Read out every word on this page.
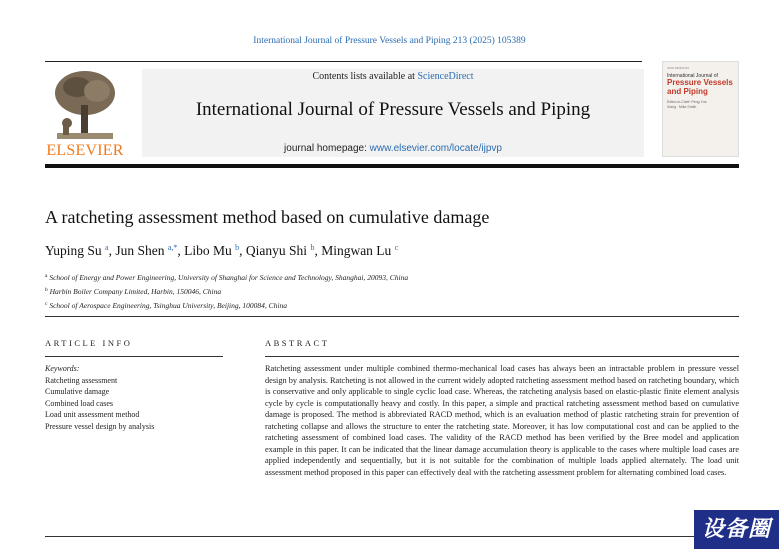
International Journal of Pressure Vessels and Piping 213 (2025) 105389
ELSEVIER
Contents lists available at ScienceDirect
International Journal of Pressure Vessels and Piping
journal homepage: www.elsevier.com/locate/ijpvp
ISSN 0308-0161
International Journal of
Pressure Vessels and Piping
Editor-in-Chief: Peng-Yue Xiang · Mike Smith
A ratcheting assessment method based on cumulative damage
Yuping Su $^a$, Jun Shen $^{a,*}$, Libo Mu $^b$, Qianyu Shi $^b$, Mingwan Lu $^c$
$^a$ School of Energy and Power Engineering, University of Shanghai for Science and Technology, Shanghai, 20093, China
$^b$ Harbin Boiler Company Limited, Harbin, 150046, China
$^c$ School of Aerospace Engineering, Tsinghua University, Beijing, 100084, China
ARTICLE INFO	ABSTRACT
Keywords:
Ratcheting assessment
Cumulative damage
Combined load cases
Load unit assessment method
Pressure vessel design by analysis
Ratcheting assessment under multiple combined thermo-mechanical load cases has always been an intractable problem in pressure vessel design by analysis. Ratcheting is not allowed in the current widely adopted ratcheting assessment method based on ratcheting boundary, which is conservative and only applicable to single cyclic load case. Whereas, the ratcheting analysis based on elastic-plastic finite element analysis cycle by cycle is computationally heavy and costly. In this paper, a simple and practical ratcheting assessment method based on cumulative damage is proposed. The method is abbreviated RACD method, which is an evaluation method of plastic ratcheting strain for prevention of ratcheting collapse and allows the structure to enter the ratcheting state. Moreover, it has low computational cost and can be applied to the ratcheting assessment of combined load cases. The validity of the RACD method has been verified by the Bree model and application example in this paper. It can be indicated that the linear damage accumulation theory is applicable to the cases where multiple load cases are applied independently and sequentially, but it is not suitable for the combination of multiple loads applied alternately. The load unit assessment method proposed in this paper can effectively deal with the ratcheting assessment problem for alternating combined load cases.
设备圈
